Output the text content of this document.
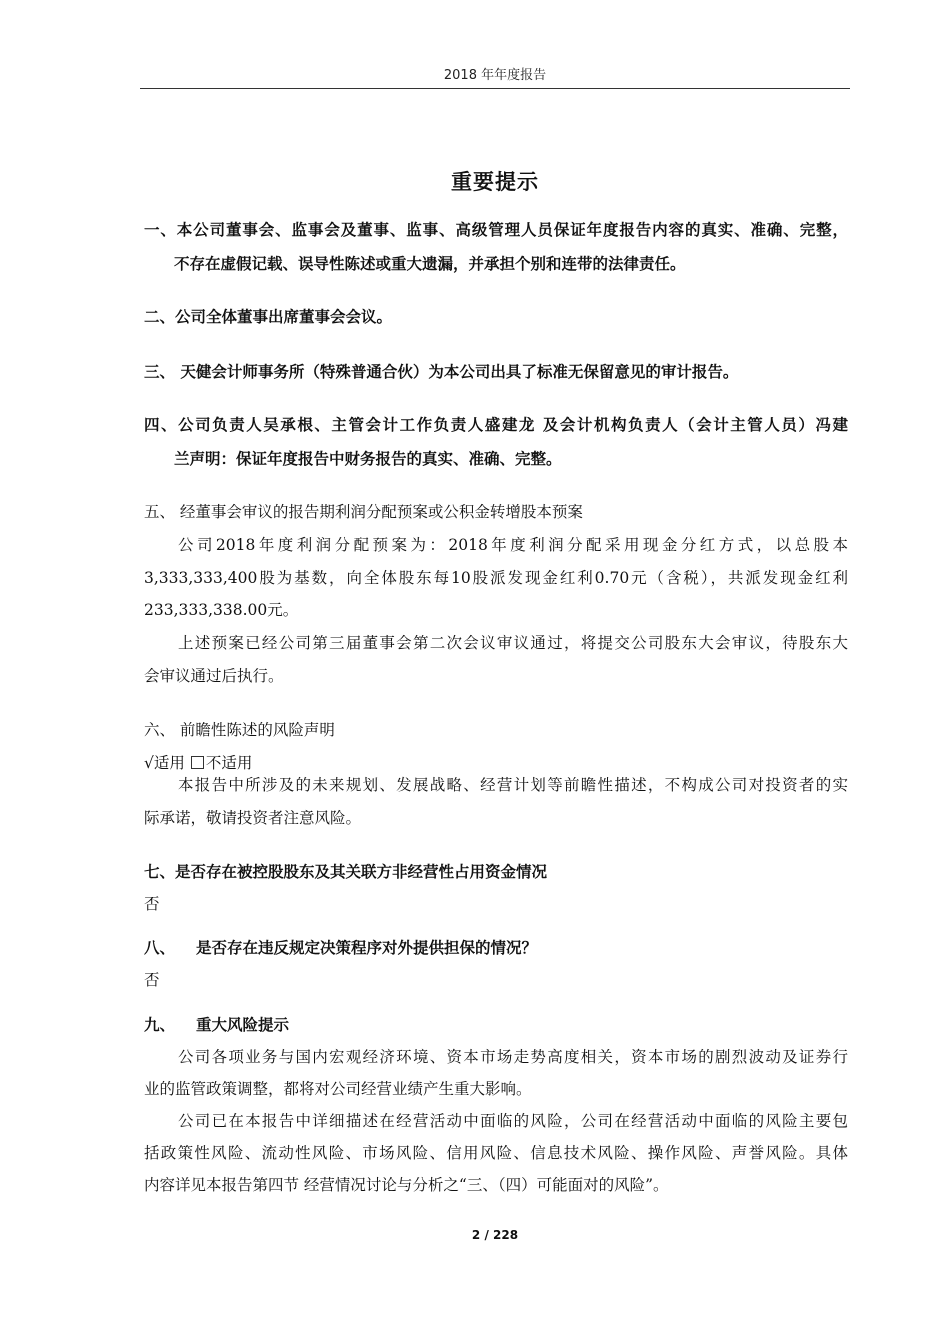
2018 年年度报告
重要提示
一、本公司董事会、监事会及董事、监事、高级管理人员保证年度报告内容的真实、准确、完整，
不存在虚假记载、误导性陈述或重大遗漏，并承担个别和连带的法律责任。
二、公司全体董事出席董事会会议。
三、 天健会计师事务所（特殊普通合伙）为本公司出具了标准无保留意见的审计报告。
四、公司负责人吴承根、主管会计工作负责人盛建龙 及会计机构负责人（会计主管人员）冯建
兰声明：保证年度报告中财务报告的真实、准确、完整。
五、 经董事会审议的报告期利润分配预案或公积金转增股本预案
公司2018年度利润分配预案为：2018年度利润分配采用现金分红方式，以总股本
3,333,333,400股为基数，向全体股东每10股派发现金红利0.70元（含税），共派发现金红利
233,333,338.00元。
上述预案已经公司第三届董事会第二次会议审议通过，将提交公司股东大会审议，待股东大
会审议通过后执行。
六、 前瞻性陈述的风险声明
√适用 不适用
本报告中所涉及的未来规划、发展战略、经营计划等前瞻性描述，不构成公司对投资者的实
际承诺，敬请投资者注意风险。
七、是否存在被控股股东及其关联方非经营性占用资金情况
否
八、 是否存在违反规定决策程序对外提供担保的情况？
否
九、 重大风险提示
公司各项业务与国内宏观经济环境、资本市场走势高度相关，资本市场的剧烈波动及证券行
业的监管政策调整，都将对公司经营业绩产生重大影响。
公司已在本报告中详细描述在经营活动中面临的风险，公司在经营活动中面临的风险主要包
括政策性风险、流动性风险、市场风险、信用风险、信息技术风险、操作风险、声誉风险。具体
内容详见本报告第四节 经营情况讨论与分析之“三、（四）可能面对的风险”。
2 / 228
